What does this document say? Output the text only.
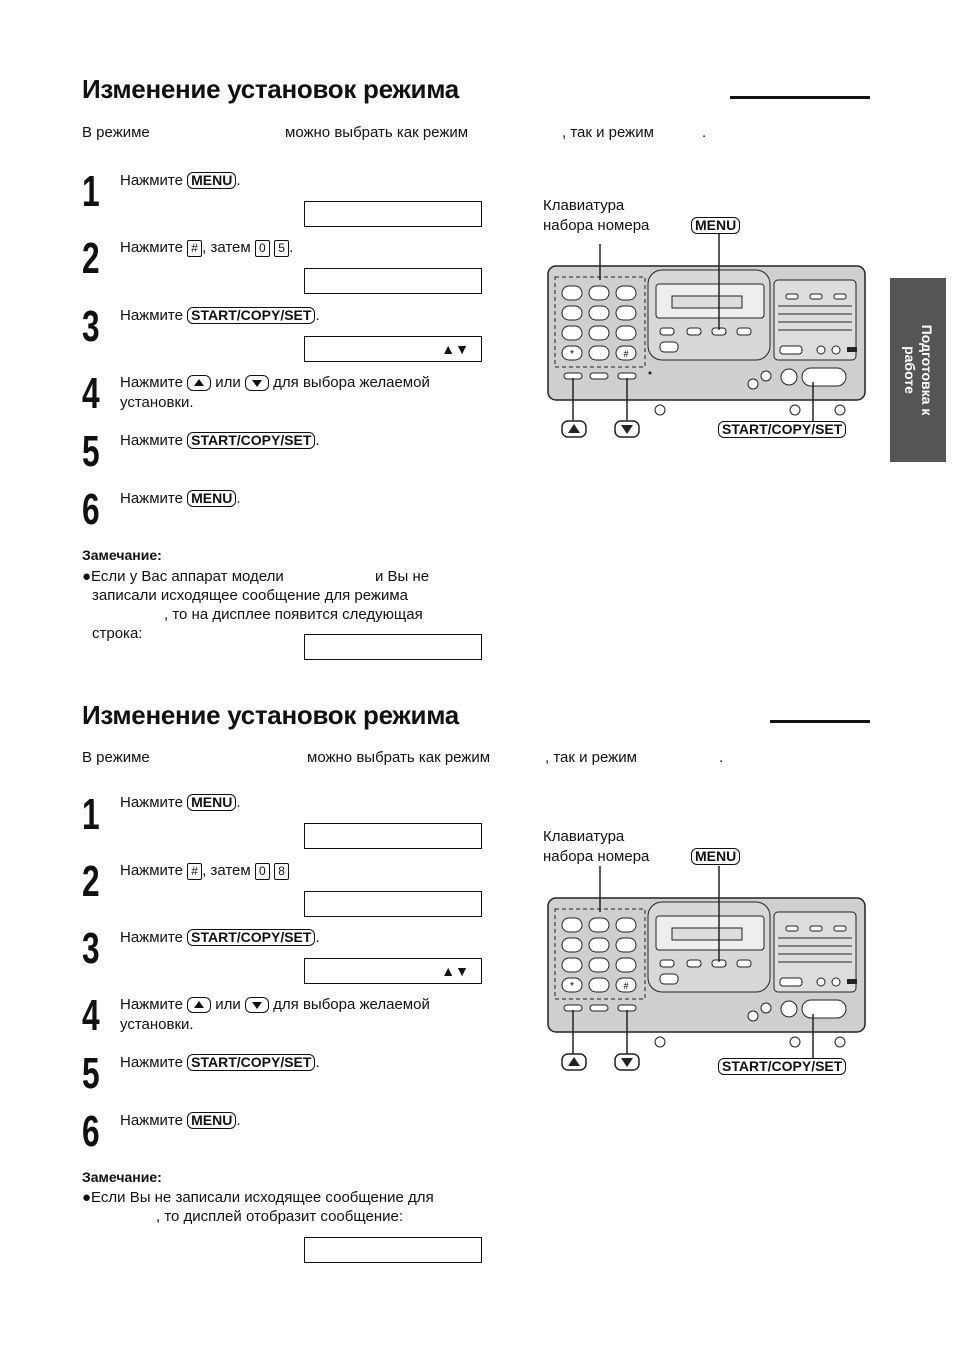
Подготовка к
работе
Изменение установок режима
В режиме	можно выбрать как режим	, так и режим	.
1 Нажмите MENU .
2 Нажмите # , затем 0 5 .
3 Нажмите START/COPY/SET .
▲▼
4 Нажмите или для выбора желаемой
установки.
5 Нажмите START/COPY/SET .
6 Нажмите MENU .
Замечание:
●Если у Вас аппарат модели	и Вы не
записали исходящее сообщение для режима
, то на дисплее появится следующая
строка:
Клавиатура
набора номера
*	#
MENU
START/COPY/SET
Изменение установок режима
В режиме	можно выбрать как режим	, так и режим	.
1 Нажмите MENU .
2 Нажмите # , затем 0 8
3 Нажмите START/COPY/SET .
▲▼
4 Нажмите или для выбора желаемой
установки.
5 Нажмите START/COPY/SET .
6 Нажмите MENU .
Замечание:
●Если Вы не записали исходящее сообщение для
, то дисплей отобразит сообщение:
Клавиатура
набора номера
*	#
MENU
START/COPY/SET
